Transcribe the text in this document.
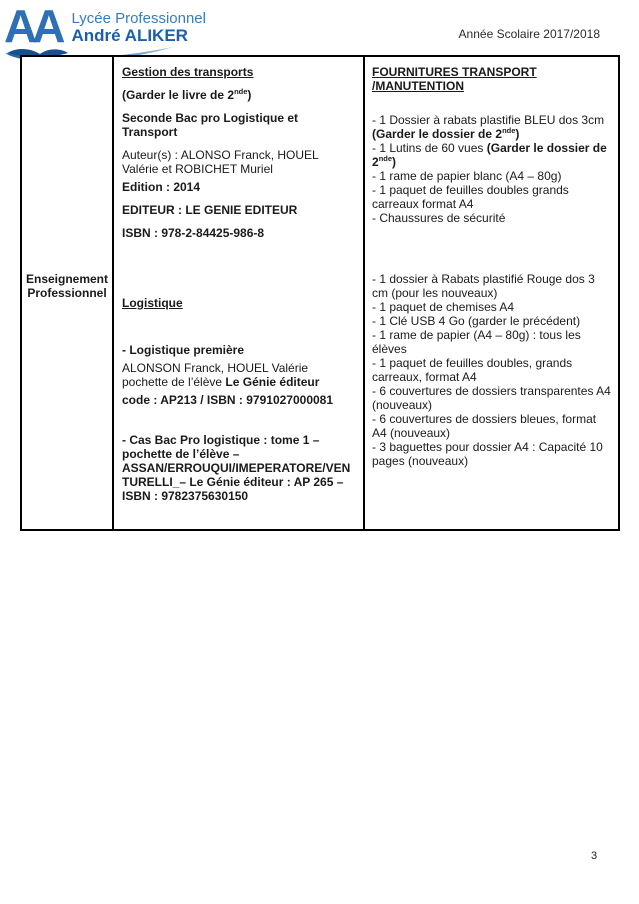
AA Lycée Professionnel
André ALIKER	Année Scolaire 2017/2018
Enseignement Professionnel

Gestion des transports

(Garder le livre de 2nde)

Seconde Bac pro Logistique et Transport

Auteur(s) : ALONSO Franck, HOUEL Valérie et ROBICHET Muriel

Edition : 2014

EDITEUR : LE GENIE EDITEUR

ISBN : 978-2-84425-986-8

Logistique

- Logistique première

ALONSON Franck, HOUEL Valérie pochette de l’élève Le Génie éditeur

code : AP213 / ISBN : 9791027000081

- Cas Bac Pro logistique : tome 1 – pochette de l’élève – ASSAN/ERROUQUI/IMEPERATORE/VENTURELLI_– Le Génie éditeur : AP 265 – ISBN : 9782375630150

FOURNITURES TRANSPORT
/MANUTENTION
- 1 Dossier à rabats plastifie BLEU dos 3cm (Garder le dossier de 2nde)
- 1 Lutins de 60 vues (Garder le dossier de 2nde)
- 1 rame de papier blanc (A4 – 80g)
- 1 paquet de feuilles doubles grands carreaux format A4
- Chaussures de sécurité
- 1 dossier à Rabats plastifié Rouge dos 3 cm (pour les nouveaux)
- 1 paquet de chemises A4
- 1 Clé USB 4 Go (garder le précédent)
- 1 rame de papier (A4 – 80g) : tous les élèves
- 1 paquet de feuilles doubles, grands carreaux, format A4
- 6 couvertures de dossiers transparentes A4 (nouveaux)
- 6 couvertures de dossiers bleues, format A4 (nouveaux)
- 3 baguettes pour dossier A4 : Capacité 10 pages (nouveaux)
3
